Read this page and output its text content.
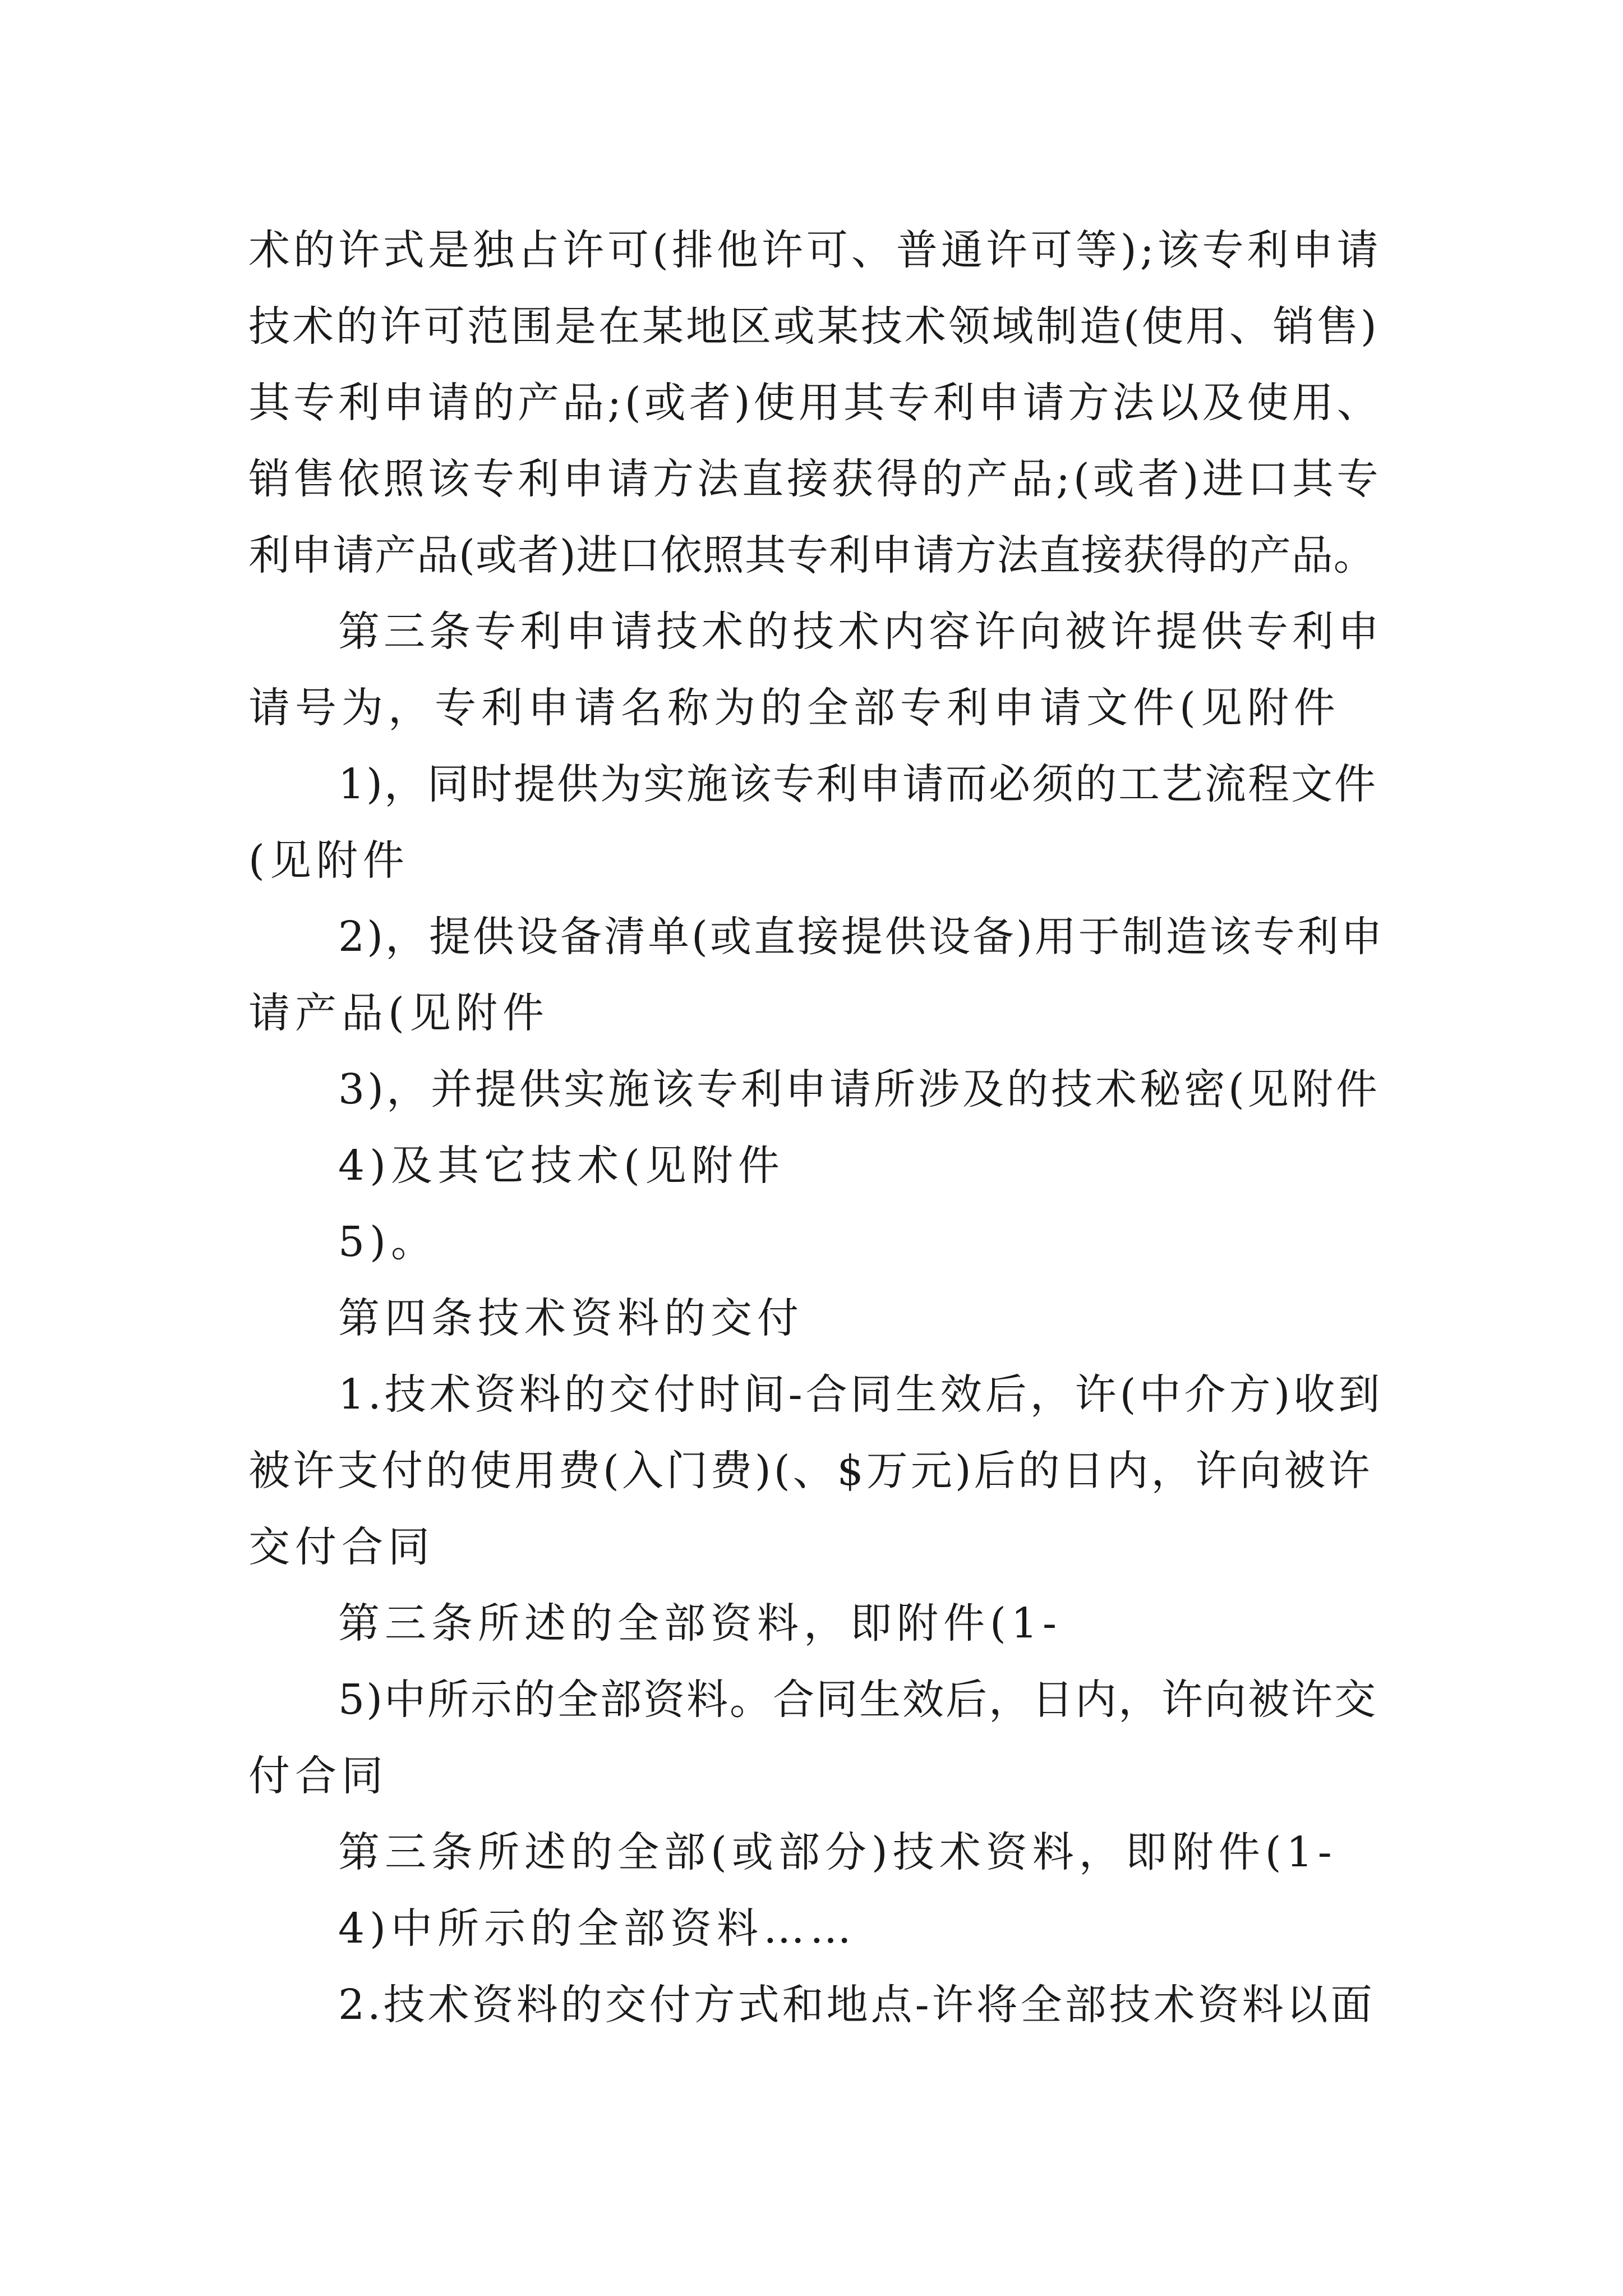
术的许式是独占许可(排他许可、普通许可等);该专利申请
技术的许可范围是在某地区或某技术领域制造(使用、销售)
其专利申请的产品;(或者)使用其专利申请方法以及使用、
销售依照该专利申请方法直接获得的产品;(或者)进口其专
利申请产品(或者)进口依照其专利申请方法直接获得的产品。
第三条专利申请技术的技术内容许向被许提供专利申
请号为，专利申请名称为的全部专利申请文件(见附件
1)，同时提供为实施该专利申请而必须的工艺流程文件
(见附件
2)，提供设备清单(或直接提供设备)用于制造该专利申
请产品(见附件
3)，并提供实施该专利申请所涉及的技术秘密(见附件
4)及其它技术(见附件
5)。
第四条技术资料的交付
1.技术资料的交付时间-合同生效后，许(中介方)收到
被许支付的使用费(入门费)(、$万元)后的日内，许向被许
交付合同
第三条所述的全部资料，即附件(1-
5)中所示的全部资料。合同生效后，日内，许向被许交
付合同
第三条所述的全部(或部分)技术资料，即附件(1-
4)中所示的全部资料……
2.技术资料的交付方式和地点-许将全部技术资料以面
